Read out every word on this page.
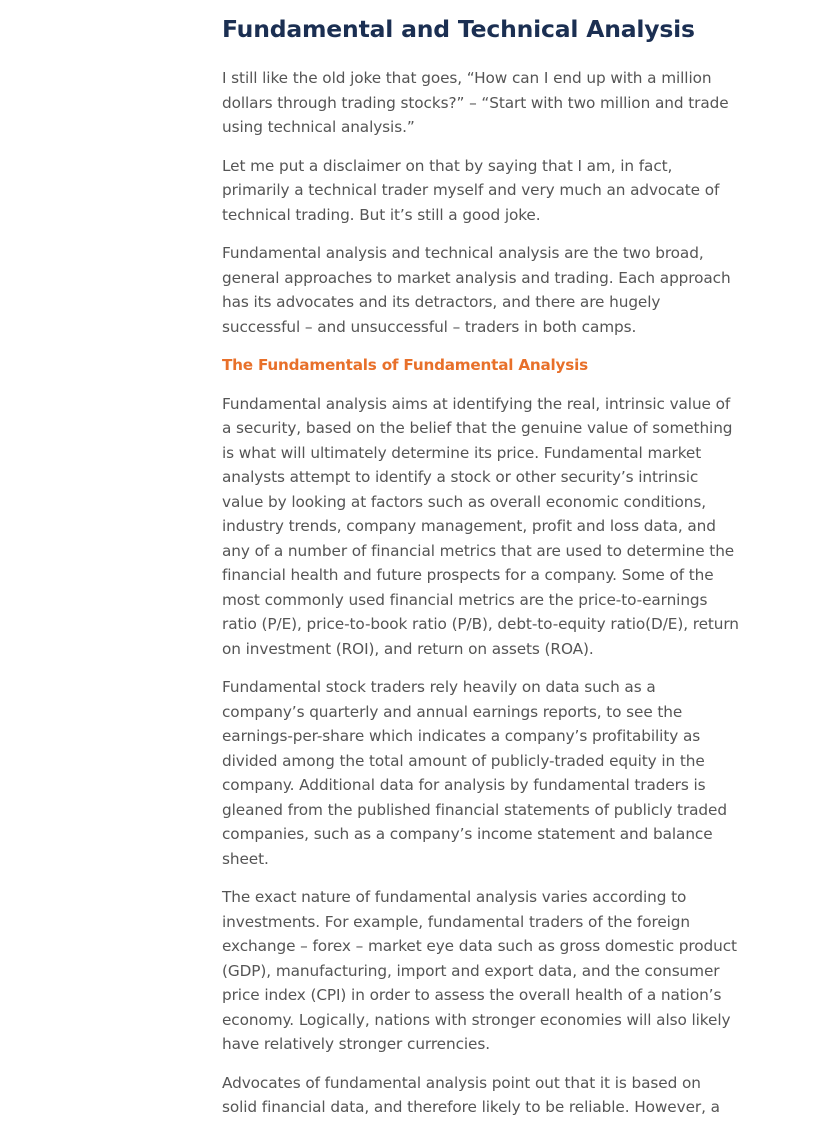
Fundamental and Technical Analysis

I still like the old joke that goes, “How can I end up with a million
dollars through trading stocks?” – “Start with two million and trade
using technical analysis.”

Let me put a disclaimer on that by saying that I am, in fact,
primarily a technical trader myself and very much an advocate of
technical trading. But it’s still a good joke.

Fundamental analysis and technical analysis are the two broad,
general approaches to market analysis and trading. Each approach
has its advocates and its detractors, and there are hugely
successful – and unsuccessful – traders in both camps.

The Fundamentals of Fundamental Analysis

Fundamental analysis aims at identifying the real, intrinsic value of
a security, based on the belief that the genuine value of something
is what will ultimately determine its price. Fundamental market
analysts attempt to identify a stock or other security’s intrinsic
value by looking at factors such as overall economic conditions,
industry trends, company management, profit and loss data, and
any of a number of financial metrics that are used to determine the
financial health and future prospects for a company. Some of the
most commonly used financial metrics are the price-to-earnings
ratio (P/E), price-to-book ratio (P/B), debt-to-equity ratio(D/E), return
on investment (ROI), and return on assets (ROA).

Fundamental stock traders rely heavily on data such as a
company’s quarterly and annual earnings reports, to see the
earnings-per-share which indicates a company’s profitability as
divided among the total amount of publicly-traded equity in the
company. Additional data for analysis by fundamental traders is
gleaned from the published financial statements of publicly traded
companies, such as a company’s income statement and balance
sheet.

The exact nature of fundamental analysis varies according to
investments. For example, fundamental traders of the foreign
exchange – forex – market eye data such as gross domestic product
(GDP), manufacturing, import and export data, and the consumer
price index (CPI) in order to assess the overall health of a nation’s
economy. Logically, nations with stronger economies will also likely
have relatively stronger currencies.

Advocates of fundamental analysis point out that it is based on
solid financial data, and therefore likely to be reliable. However, a
